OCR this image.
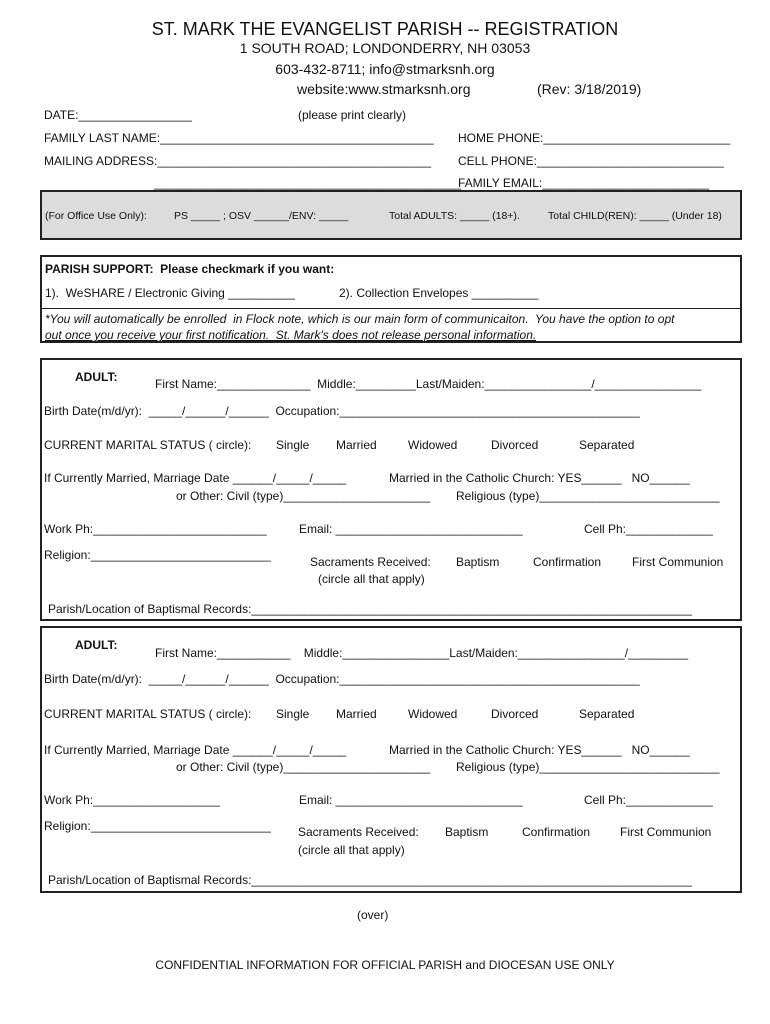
ST. MARK THE EVANGELIST PARISH -- REGISTRATION
1 SOUTH ROAD; LONDONDERRY, NH 03053
603-432-8711; info@stmarksnh.org
website:www.stmarksnh.org	(Rev: 3/18/2019)
DATE:_________________	(please print clearly)
FAMILY LAST NAME:_________________________________________ HOME PHONE:____________________________
MAILING ADDRESS:_________________________________________ CELL PHONE:____________________________
______________________________________________
FAMILY EMAIL:_________________________
(For Office Use Only):	PS _____ ; OSV ______/ENV: _____	Total ADULTS: _____ (18+).	Total CHILD(REN): _____ (Under 18)
PARISH SUPPORT:  Please checkmark if you want:
1).  WeSHARE / Electronic Giving __________	2). Collection Envelopes __________
*You will automatically be enrolled  in Flock note, which is our main form of communicaiton.  You have the option to opt
out once you receive your first notification.  St. Mark's does not release personal information.
ADULT:	First Name:______________  Middle:_________Last/Maiden:________________/________________
Birth Date(m/d/yr):  _____/______/______  Occupation:_____________________________________________
CURRENT MARITAL STATUS ( circle): Single Married	Widowed	Divorced	Separated
If Currently Married, Marriage Date ______/_____/_____	Married in the Catholic Church: YES______   NO______
or Other: Civil (type)______________________ Religious (type)___________________________
Work Ph:__________________________	Email: ____________________________	Cell Ph:_____________
Religion:___________________________	Sacraments Received: Baptism	Confirmation	First Communion
(circle all that apply)
Parish/Location of Baptismal Records:__________________________________________________________________
ADULT:
First Name:___________    Middle:________________Last/Maiden:________________/_________
Birth Date(m/d/yr):  _____/______/______  Occupation:_____________________________________________
CURRENT MARITAL STATUS ( circle): Single Married	Widowed	Divorced	Separated
If Currently Married, Marriage Date ______/_____/_____	Married in the Catholic Church: YES______   NO______
or Other: Civil (type)______________________ Religious (type)___________________________
Work Ph:___________________	Email: ____________________________	Cell Ph:_____________
Religion:___________________________ Sacraments Received: Baptism	Confirmation First Communion
(circle all that apply)
Parish/Location of Baptismal Records:__________________________________________________________________
(over)
CONFIDENTIAL INFORMATION FOR OFFICIAL PARISH and DIOCESAN USE ONLY
